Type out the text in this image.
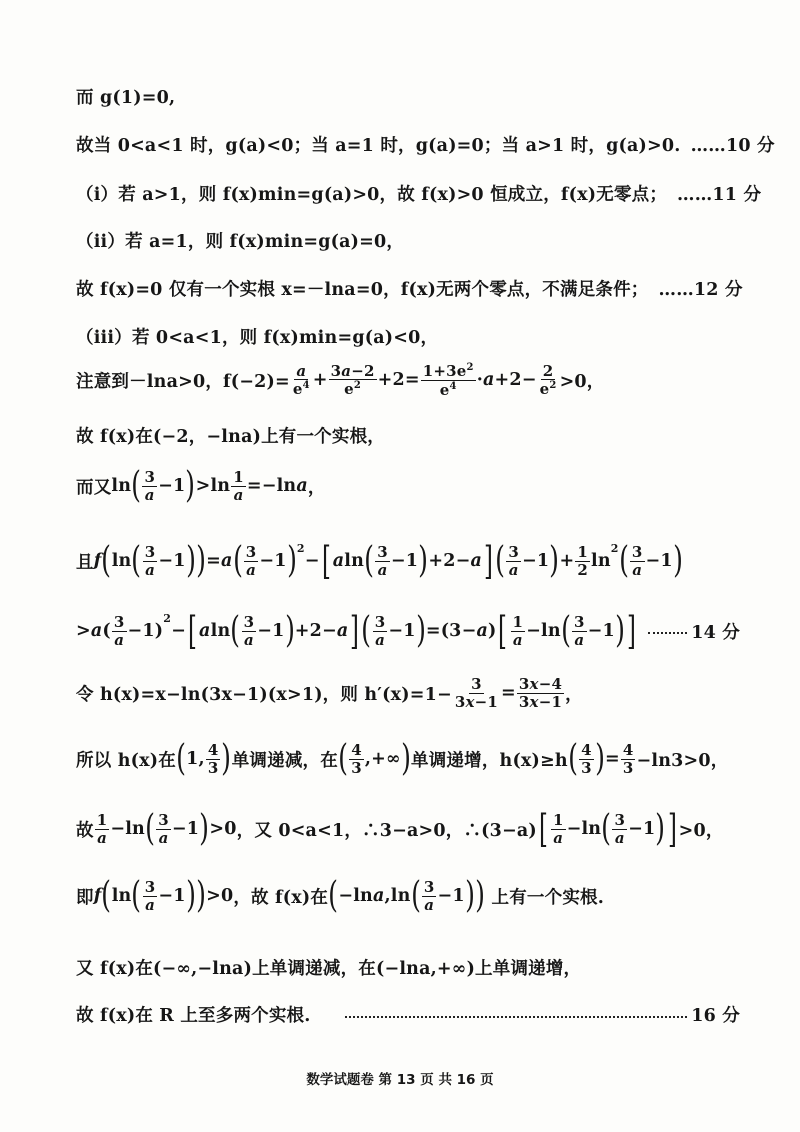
而 g(1)=0,
故当 0<a<1 时，g(a)<0；当 a=1 时，g(a)=0；当 a>1 时，g(a)>0. ……10 分
（i）若 a>1，则 f(x)min=g(a)>0，故 f(x)>0 恒成立，f(x)无零点； ……11 分
（ii）若 a=1，则 f(x)min=g(a)=0，
故 f(x)=0 仅有一个实根 x=－lna=0，f(x)无两个零点，不满足条件； ……12 分
（iii）若 0<a<1，则 f(x)min=g(a)<0，
注意到－lna>0，$f(-2)= \frac{a}{e^4} + \frac{3a-2}{e^2} +2= \frac{1+3e^2}{e^4} \cdot a +2- \frac{2}{e^2} >0$，
故 f(x)在(−2，−lna)上有一个实根，
而又 ln ( $\frac{3}{a} -1$ ) $>\ln \frac{1}{a} =-\ln$ a ，
且 f ( ln ( $\frac{3}{a} -1$ ) ) = a ( $\frac{3}{a} -1$ )$^2$
− [ a ln ( $\frac{3}{a} -1$ ) +2− a ] ( $\frac{3}{a} -1$ ) + $\frac{1}{2}$ ln
$^2$ ( $\frac{3}{a} -1$ )
> a ( $\frac{3}{a} -1$)
$^2$
− [ a ln ( $\frac{3}{a} -1$ ) +2− a ] ( $\frac{3}{a} -1$ ) =(3− a ) [ $\frac{1}{a} -\ln$ ( $\frac{3}{a} -1$ ) ]	14 分
令 h(x)=x−ln(3x−1)(x>1)，则 $h'(x)=1- \frac{3}{3x-1} = \frac{3x-4}{3x-1}$ ，
所以 h(x)在 ( 1, $\frac{4}{3}$ ) 单调递减，在 ( $\frac{4}{3}$ ,+∞ ) 单调递增，h(x)≥h ( $\frac{4}{3}$ ) = $\frac{4}{3} -\ln 3>0$，
故 $\frac{1}{a} -\ln$ ( $\frac{3}{a} -1$ ) >0 ，又 0<a<1，∴3−a>0，∴(3−a) [ $\frac{1}{a} -\ln$ ( $\frac{3}{a} -1$ ) ] >0，
即 f ( ln ( $\frac{3}{a} -1$ ) ) >0 ，故 f(x)在 ( −ln a ,ln ( $\frac{3}{a} -1$ ) )
上有一个实根.
又 f(x)在(−∞,−lna)上单调递减，在(−lna,+∞)上单调递增，
故 f(x)在 R 上至多两个实根.	16 分
数学试题卷 第 13 页 共 16 页
